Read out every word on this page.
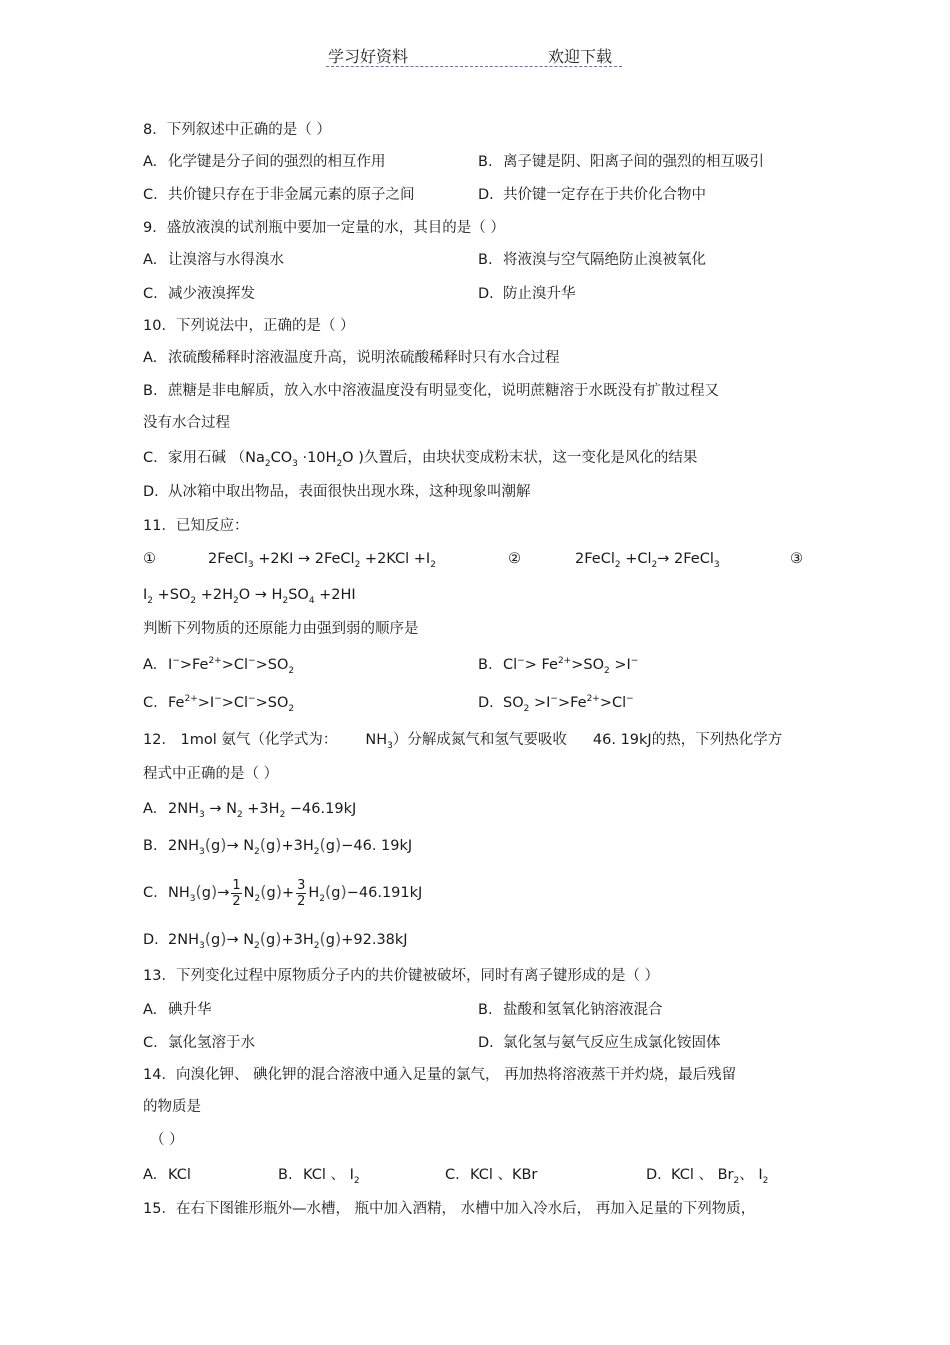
学习好资料	欢迎下载
8．下列叙述中正确的是（ ）
A. 化学键是分子间的强烈的相互作用	B. 离子键是阴、阳离子间的强烈的相互吸引
C. 共价键只存在于非金属元素的原子之间	D. 共价键一定存在于共价化合物中
9．盛放液溴的试剂瓶中要加一定量的水，其目的是（ ）
A. 让溴溶与水得溴水	B. 将液溴与空气隔绝防止溴被氧化
C. 减少液溴挥发	D. 防止溴升华
10．下列说法中，正确的是（ ）
A. 浓硫酸稀释时溶液温度升高，说明浓硫酸稀释时只有水合过程
B. 蔗糖是非电解质，放入水中溶液温度没有明显变化，说明蔗糖溶于水既没有扩散过程又
没有水合过程
C. 家用石碱 （$Na_2CO_3 \cdot 10H_2O$ )久置后，由块状变成粉末状，这一变化是风化的结果
D. 从冰箱中取出物品，表面很快出现水珠，这种现象叫潮解
11．已知反应：
①	2FeCl$_3$ +2KI → 2FeCl$_2$ $+2KCl +I_2$	②	2FeCl$_2$ $+Cl_2\to$ 2FeCl$_3$	③
$I_2 +SO_2 +2H_2O \to H_2SO_4 +2HI$
判断下列物质的还原能力由强到弱的顺序是
A. $I^->Fe^{2+}>Cl^->SO_2$	B. $Cl^-> Fe^{2+}>SO_2 >I^-$
C. $Fe^{2+}>I^->Cl^->SO_2$	D. $SO_2 >I^->Fe^{2+}>Cl^-$
12． 1mol 氨气（化学式为： $NH_3$）分解成氮气和氢气要吸收 46. 19kJ的热，下列热化学方
程式中正确的是（ ）
A. $2NH_3 \to N_2 +3H_2 -46.19kJ$
B. $2NH_3(g)\to N_2(g)+3H_2(g)-46$. 19kJ
C. $NH_3(g)\to \frac{1}{2} N_2(g)+ \frac{3}{2} H_2(g)-46.191kJ$
D. $2NH_3(g)\to N_2(g)+3H_2(g)+92.38kJ$
13．下列变化过程中原物质分子内的共价键被破坏，同时有离子键形成的是（ ）
A. 碘升华	B. 盐酸和氢氧化钠溶液混合
C. 氯化氢溶于水	D. 氯化氢与氨气反应生成氯化铵固体
14．向溴化钾、 碘化钾的混合溶液中通入足量的氯气， 再加热将溶液蒸干并灼烧，最后残留
的物质是
（ ）
A. KCl	B. KCl 、 $I_2$	C. KCl 、KBr	D. KCl 、 $Br_2$、 $I_2$
15．在右下图锥形瓶外—水槽， 瓶中加入酒精， 水槽中加入冷水后， 再加入足量的下列物质，
